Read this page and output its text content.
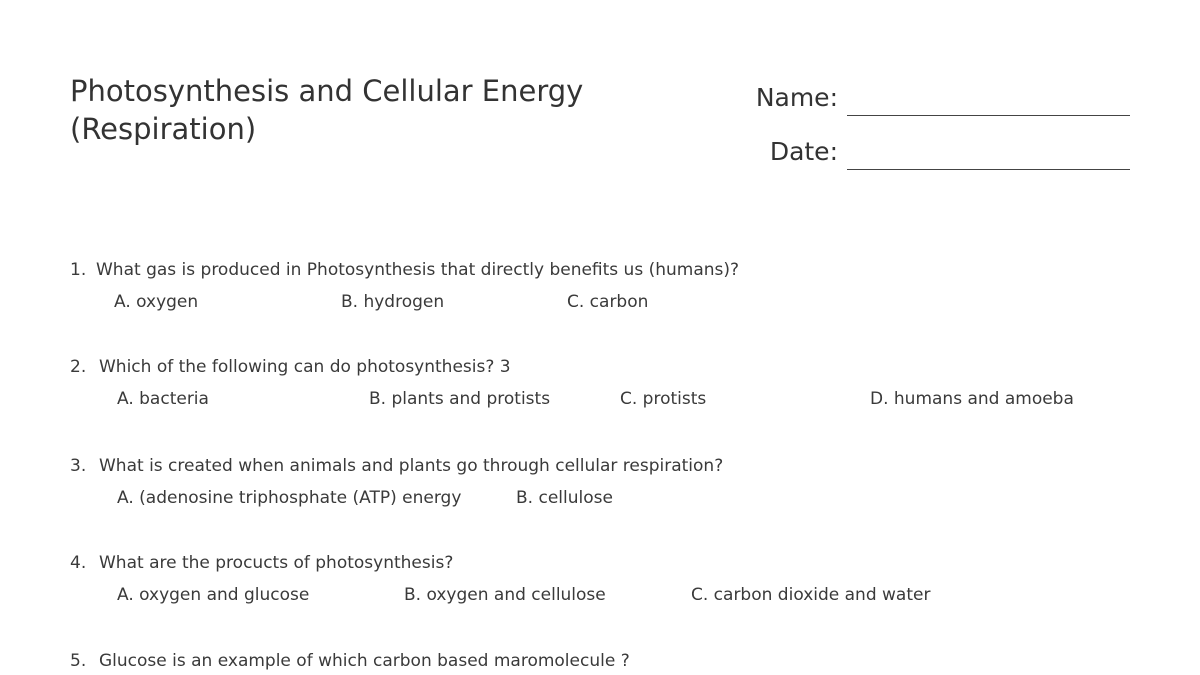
Photosynthesis and Cellular Energy
(Respiration)
Name:
Date:
1. What gas is produced in Photosynthesis that directly benefits us (humans)?
A. oxygen	B. hydrogen	C. carbon
2. Which of the following can do photosynthesis? 3
A. bacteria	B. plants and protists	C. protists	D. humans and amoeba
3. What is created when animals and plants go through cellular respiration?
A. (adenosine triphosphate (ATP) energy	B. cellulose
4. What are the procucts of photosynthesis?
A. oxygen and glucose	B. oxygen and cellulose	C. carbon dioxide and water
5. Glucose is an example of which carbon based maromolecule ?
